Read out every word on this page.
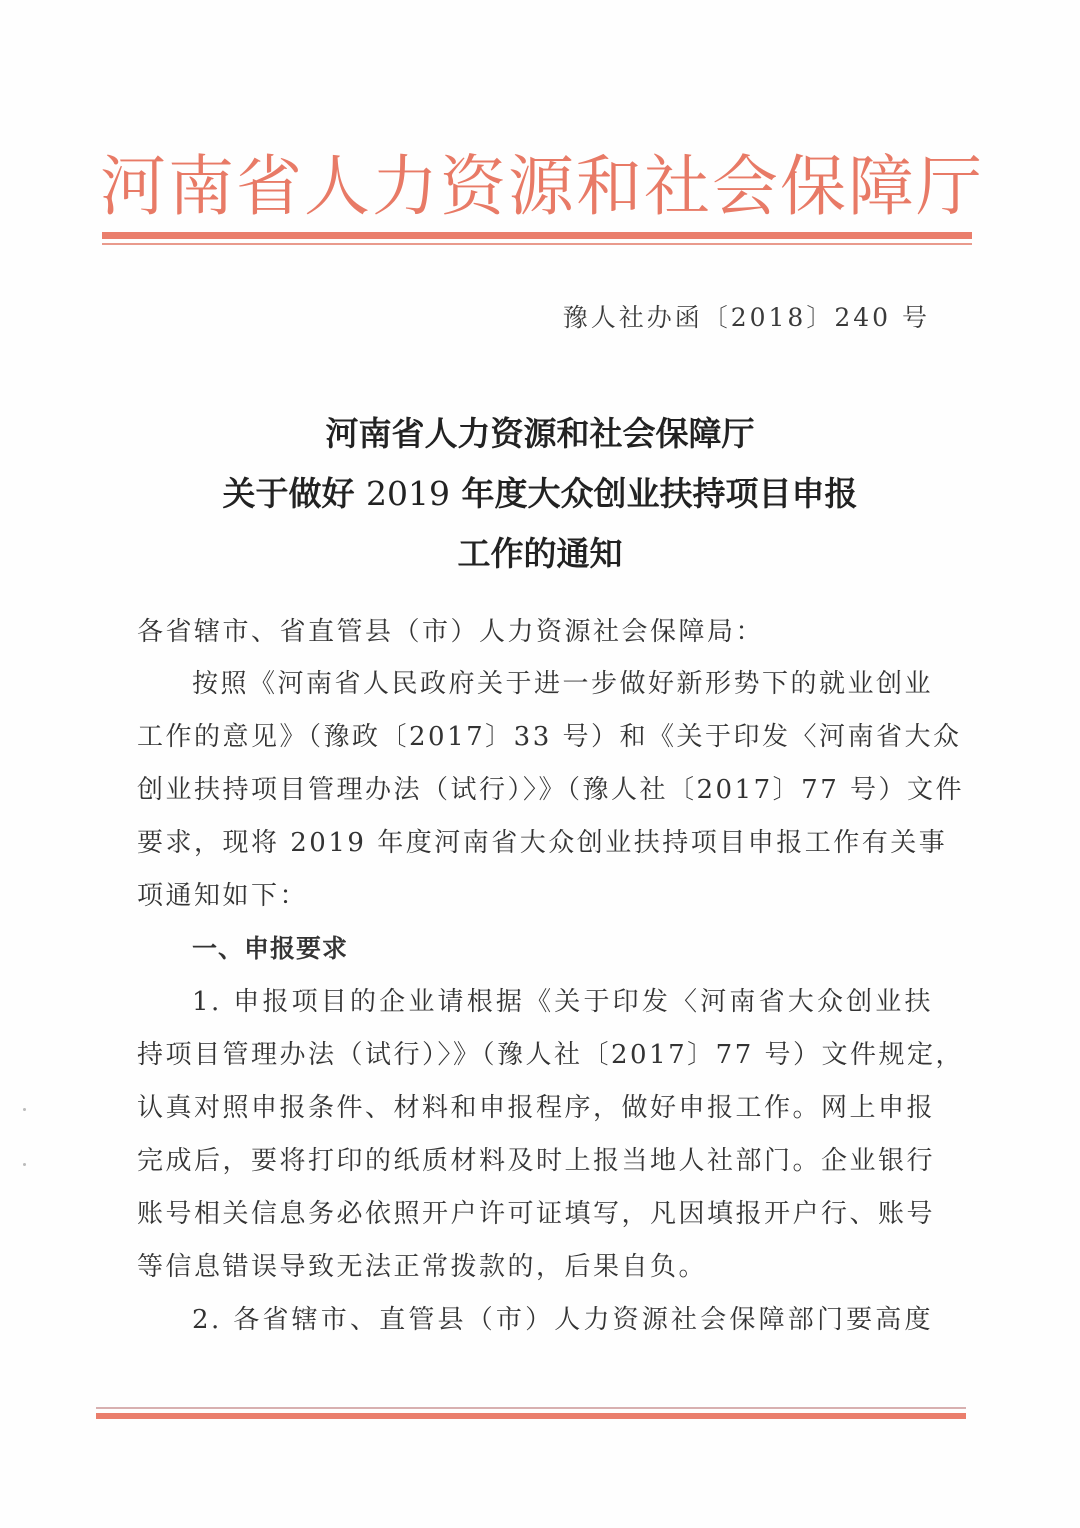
河南省人力资源和社会保障厅
豫人社办函〔2018〕240 号
河南省人力资源和社会保障厅
关于做好 2019 年度大众创业扶持项目申报
工作的通知
各省辖市、省直管县（市）人力资源社会保障局：
按照《河南省人民政府关于进一步做好新形势下的就业创业
工作的意见》（豫政〔2017〕33 号）和《关于印发〈河南省大众
创业扶持项目管理办法（试行）〉》（豫人社〔2017〕77 号）文件
要求，现将 2019 年度河南省大众创业扶持项目申报工作有关事
项通知如下：
一、申报要求
1. 申报项目的企业请根据《关于印发〈河南省大众创业扶
持项目管理办法（试行）〉》（豫人社〔2017〕77 号）文件规定，
认真对照申报条件、材料和申报程序，做好申报工作。网上申报
完成后，要将打印的纸质材料及时上报当地人社部门。企业银行
账号相关信息务必依照开户许可证填写，凡因填报开户行、账号
等信息错误导致无法正常拨款的，后果自负。
2. 各省辖市、直管县（市）人力资源社会保障部门要高度
